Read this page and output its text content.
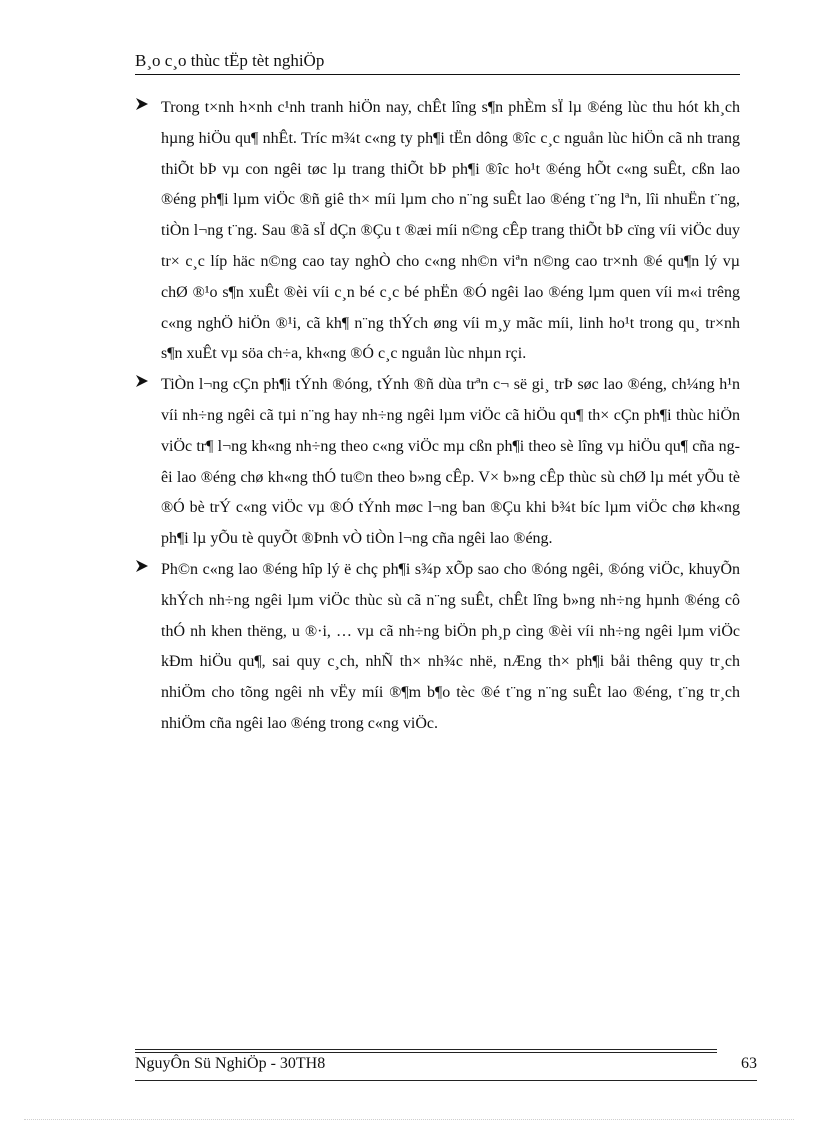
B¸o c¸o thùc tËp tèt nghiÖp
Trong t×nh h×nh c¹nh tranh hiÖn nay, chÊt lîng s¶n phÈm sÏ lµ ®éng lùc thu hót kh¸ch hµng hiÖu qu¶ nhÊt. Tríc m¾t c«ng ty ph¶i tËn dông ®îc c¸c nguån lùc hiÖn cã nh trang thiÕt bÞ vµ con ngêi tøc lµ trang thiÕt bÞ ph¶i ®îc ho¹t ®éng hÕt c«ng suÊt, cßn lao ®éng ph¶i lµm viÖc ®ñ giê th× míi lµm cho n¨ng suÊt lao ®éng t¨ng lªn, lîi nhuËn t¨ng, tiÒn l¬ng t¨ng. Sau ®ã sÏ dÇn ®Çu t ®æi míi n©ng cÊp trang thiÕt bÞ cïng víi viÖc duy tr× c¸c líp häc n©ng cao tay nghÒ cho c«ng nh©n viªn n©ng cao tr×nh ®é qu¶n lý vµ chØ ®¹o s¶n xuÊt ®èi víi c¸n bé c¸c bé phËn ®Ó ngêi lao ®éng lµm quen víi m«i trêng c«ng nghÖ hiÖn ®¹i, cã kh¶ n¨ng thÝch øng víi m¸y mãc míi, linh ho¹t trong qu¸ tr×nh s¶n xuÊt vµ söa ch÷a, kh«ng ®Ó c¸c nguån lùc nhµn rçi.
TiÒn l¬ng cÇn ph¶i tÝnh ®óng, tÝnh ®ñ dùa trªn c¬ së gi¸ trÞ søc lao ®éng, ch¼ng h¹n víi nh÷ng ngêi cã tµi n¨ng hay nh÷ng ngêi lµm viÖc cã hiÖu qu¶ th× cÇn ph¶i thùc hiÖn viÖc tr¶ l¬ng kh«ng nh÷ng theo c«ng viÖc mµ cßn ph¶i theo sè lîng vµ hiÖu qu¶ cña ngêi lao ®éng chø kh«ng thÓ tu©n theo b»ng cÊp. V× b»ng cÊp thùc sù chØ lµ mét yÕu tè ®Ó bè trÝ c«ng viÖc vµ ®Ó tÝnh møc l¬ng ban ®Çu khi b¾t bíc lµm viÖc chø kh«ng ph¶i lµ yÕu tè quyÕt ®Þnh vÒ tiÒn l¬ng cña ngêi lao ®éng.
Ph©n c«ng lao ®éng hîp lý ë chç ph¶i s¾p xÕp sao cho ®óng ngêi, ®óng viÖc, khuyÕn khÝch nh÷ng ngêi lµm viÖc thùc sù cã n¨ng suÊt, chÊt lîng b»ng nh÷ng hµnh ®éng cô thÓ nh khen thëng, u ®·i, … vµ cã nh÷ng biÖn ph¸p cìng ®èi víi nh÷ng ngêi lµm viÖc kÐm hiÖu qu¶, sai quy c¸ch, nhÑ th× nh¾c nhë, nÆng th× ph¶i båi thêng quy tr¸ch nhiÖm cho tõng ngêi nh vËy míi ®¶m b¶o tèc ®é t¨ng n¨ng suÊt lao ®éng, t¨ng tr¸ch nhiÖm cña ngêi lao ®éng trong c«ng viÖc.
NguyÔn Sü NghiÖp - 30TH8	63
